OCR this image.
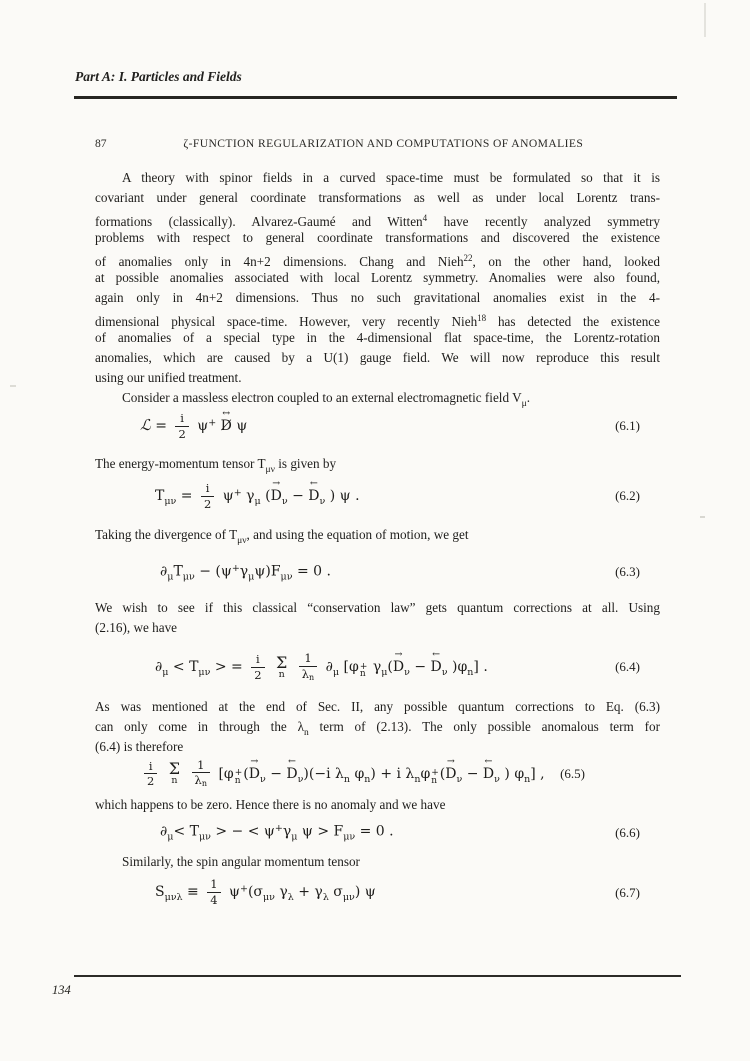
Part A: I. Particles and Fields
87	ζ-FUNCTION REGULARIZATION AND COMPUTATIONS OF ANOMALIES
A theory with spinor fields in a curved space-time must be formulated so that it is
covariant under general coordinate transformations as well as under local Lorentz trans-
formations (classically). Alvarez-Gaumé and Witten$^4$ have recently analyzed symmetry
problems with respect to general coordinate transformations and discovered the existence
of anomalies only in 4n+2 dimensions. Chang and Nieh$^{22}$, on the other hand, looked
at possible anomalies associated with local Lorentz symmetry. Anomalies were also found,
again only in 4n+2 dimensions. Thus no such gravitational anomalies exist in the 4-
dimensional physical space-time. However, very recently Nieh$^{18}$ has detected the existence
of anomalies of a special type in the 4-dimensional flat space-time, the Lorentz-rotation
anomalies, which are caused by a U(1) gauge field. We will now reproduce this result
using our unified treatment.
Consider a massless electron coupled to an external electromagnetic field $V_\mu$.
ℒ = $\frac{i}{2} \psi^+$
↔
D̸ ψ	(6.1)
The energy-momentum tensor $T_{\mu\nu}$ is given by
$T_{\mu\nu} = \frac{i}{2} \psi^+$ $\gamma_\mu$ (
→
$D_\nu$ −
←
$D_\nu$ ) ψ .	(6.2)
Taking the divergence of $T_{\mu\nu}$, and using the equation of motion, we get
$\partial_\mu T_{\mu\nu} - (\psi^+\gamma_\mu\psi)F_{\mu\nu} = 0$ .	(6.3)
We wish to see if this classical “conservation law” gets quantum corrections at all. Using
(2.16), we have
$\partial_\mu < T_{\mu\nu}$ > = $\frac{i}{2}$
Σ
n
$\frac{1}{\lambda n} \partial_\mu$ [φ +
n $\gamma_\mu$(
→
$D_\nu$ −
←
$D_\nu$ )$\varphi_n$] .	(6.4)
As was mentioned at the end of Sec. II, any possible quantum corrections to Eq. (6.3)
can only come in through the $\lambda_n$ term of (2.13). The only possible anomalous term for
(6.4) is therefore
$\frac{i}{2}$
Σ
n
$\frac{1}{\lambda n} [\varphi$ +
n (
→
$D_\nu$ −
←
$D_\nu)(-i$ $\lambda_n$ $\varphi_n) + i$ $\lambda_n\varphi$ +
n (
→
$D_\nu$ −
←
$D_\nu$ ) $\varphi_n$] , (6.5)
which happens to be zero. Hence there is no anomaly and we have
$\partial_\mu< T_{\mu\nu}$ > − < $\psi^+\gamma_\mu$ $\psi > F_{\mu\nu} = 0$ .	(6.6)
Similarly, the spin angular momentum tensor
$S_{\mu\nu\lambda} \equiv \frac{1}{4} \psi^+(\sigma_{\mu\nu}$ $\gamma_\lambda + \gamma_\lambda$ $\sigma_{\mu\nu}$) ψ	(6.7)
134
